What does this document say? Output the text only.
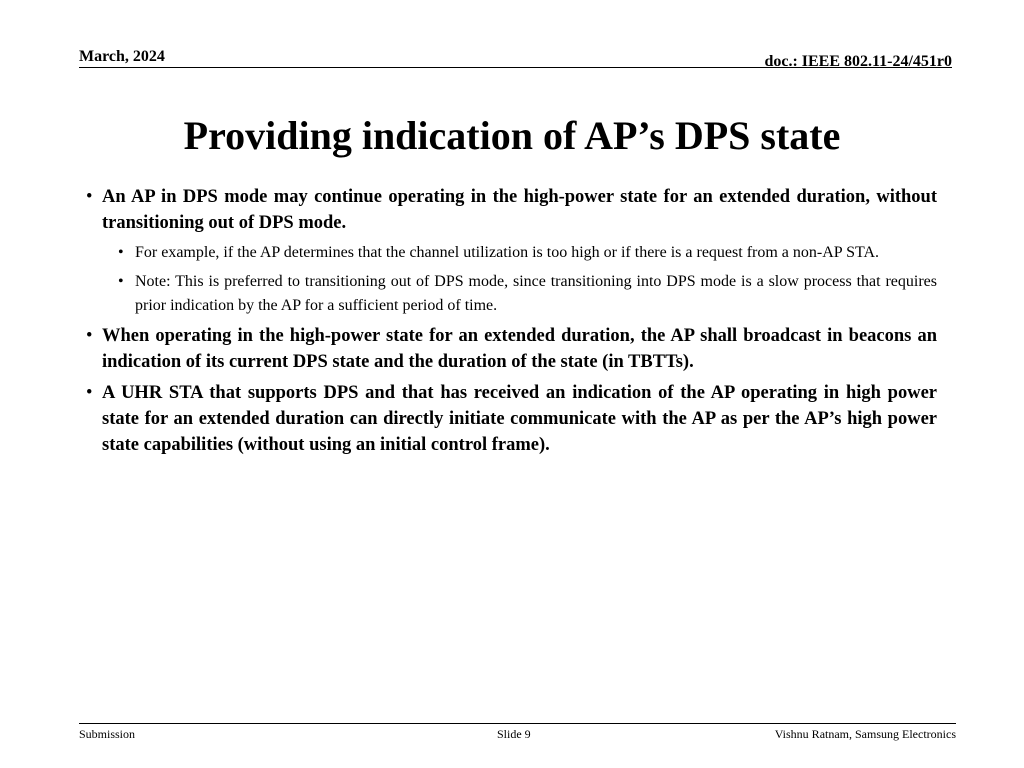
March, 2024	doc.: IEEE 802.11-24/451r0
Providing indication of AP’s DPS state
• An AP in DPS mode may continue operating in the high-power state for an extended duration, without transitioning out of DPS mode.
• For example, if the AP determines that the channel utilization is too high or if there is a request from a non-AP STA.
• Note: This is preferred to transitioning out of DPS mode, since transitioning into DPS mode is a slow process that requires prior indication by the AP for a sufficient period of time.
• When operating in the high-power state for an extended duration, the AP shall broadcast in beacons an indication of its current DPS state and the duration of the state (in TBTTs).
• A UHR STA that supports DPS and that has received an indication of the AP operating in high power state for an extended duration can directly initiate communicate with the AP as per the AP’s high power state capabilities (without using an initial control frame).
Submission	Slide 9	Vishnu Ratnam, Samsung Electronics
